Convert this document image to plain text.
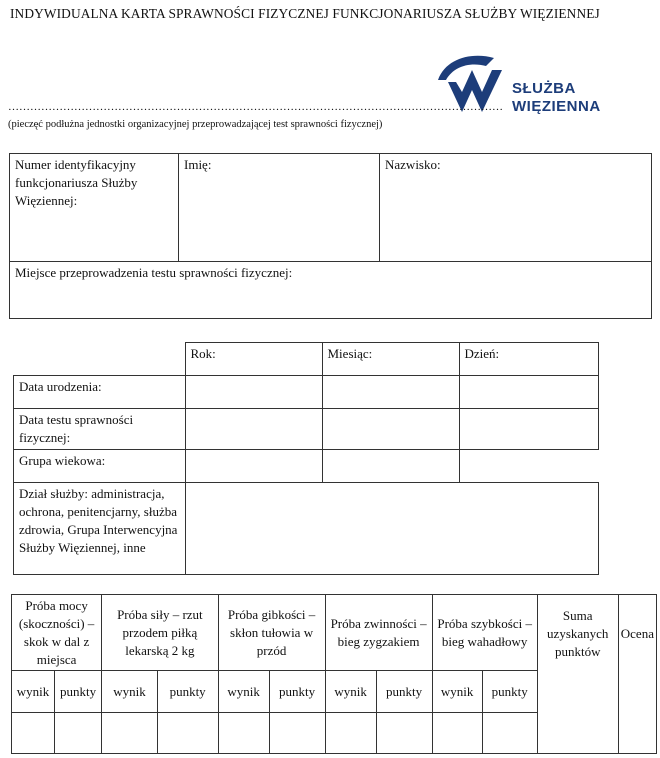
INDYWIDUALNA KARTA SPRAWNOŚCI FIZYCZNEJ FUNKCJONARIUSZA SŁUŻBY WIĘZIENNEJ
SŁUŻBA
WIĘZIENNA
………………………………………………………………………………………………………………………
(pieczęć podłużna jednostki organizacyjnej przeprowadzającej test sprawności fizycznej)
Numer identyfikacyjny funkcjonariusza Służby Więziennej:	Imię:	Nazwisko:
Miejsce przeprowadzenia testu sprawności fizycznej:
	Rok:	Miesiąc:	Dzień:
Data urodzenia:			
Data testu sprawności fizycznej:			
Grupa wiekowa:			
Dział służby: administracja, ochrona, penitencjarny, służba zdrowia, Grupa Interwencyjna Służby Więziennej, inne			
Próba mocy (skoczności) – skok w dal z miejsca		Próba siły – rzut przodem piłką lekarską 2 kg		Próba gibkości – skłon tułowia w przód		Próba zwinności – bieg zygzakiem		Próba szybkości – bieg wahadłowy		Suma uzyskanych punktów	Ocena
wynik	punkty	wynik	punkty	wynik	punkty	wynik	punkty	wynik	punkty		
